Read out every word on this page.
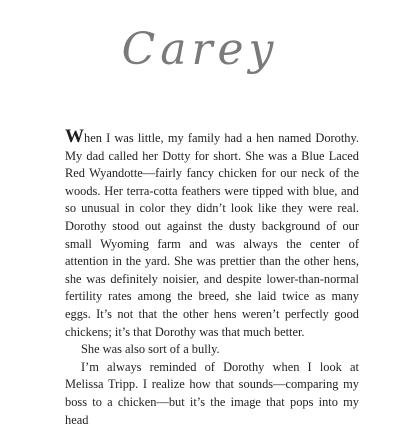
Carey

When I was little, my family had a hen named Dorothy. My dad called her Dotty for short. She was a Blue Laced Red Wyandotte—fairly fancy chicken for our neck of the woods. Her terra-cotta feathers were tipped with blue, and so unusual in color they didn’t look like they were real. Dorothy stood out against the dusty background of our small Wyoming farm and was always the center of attention in the yard. She was prettier than the other hens, she was definitely noisier, and despite lower-than-normal fertility rates among the breed, she laid twice as many eggs. It’s not that the other hens weren’t perfectly good chickens; it’s that Dorothy was that much better.

She was also sort of a bully.

I’m always reminded of Dorothy when I look at Melissa Tripp. I realize how that sounds—comparing my boss to a chicken—but it’s the image that pops into my head
